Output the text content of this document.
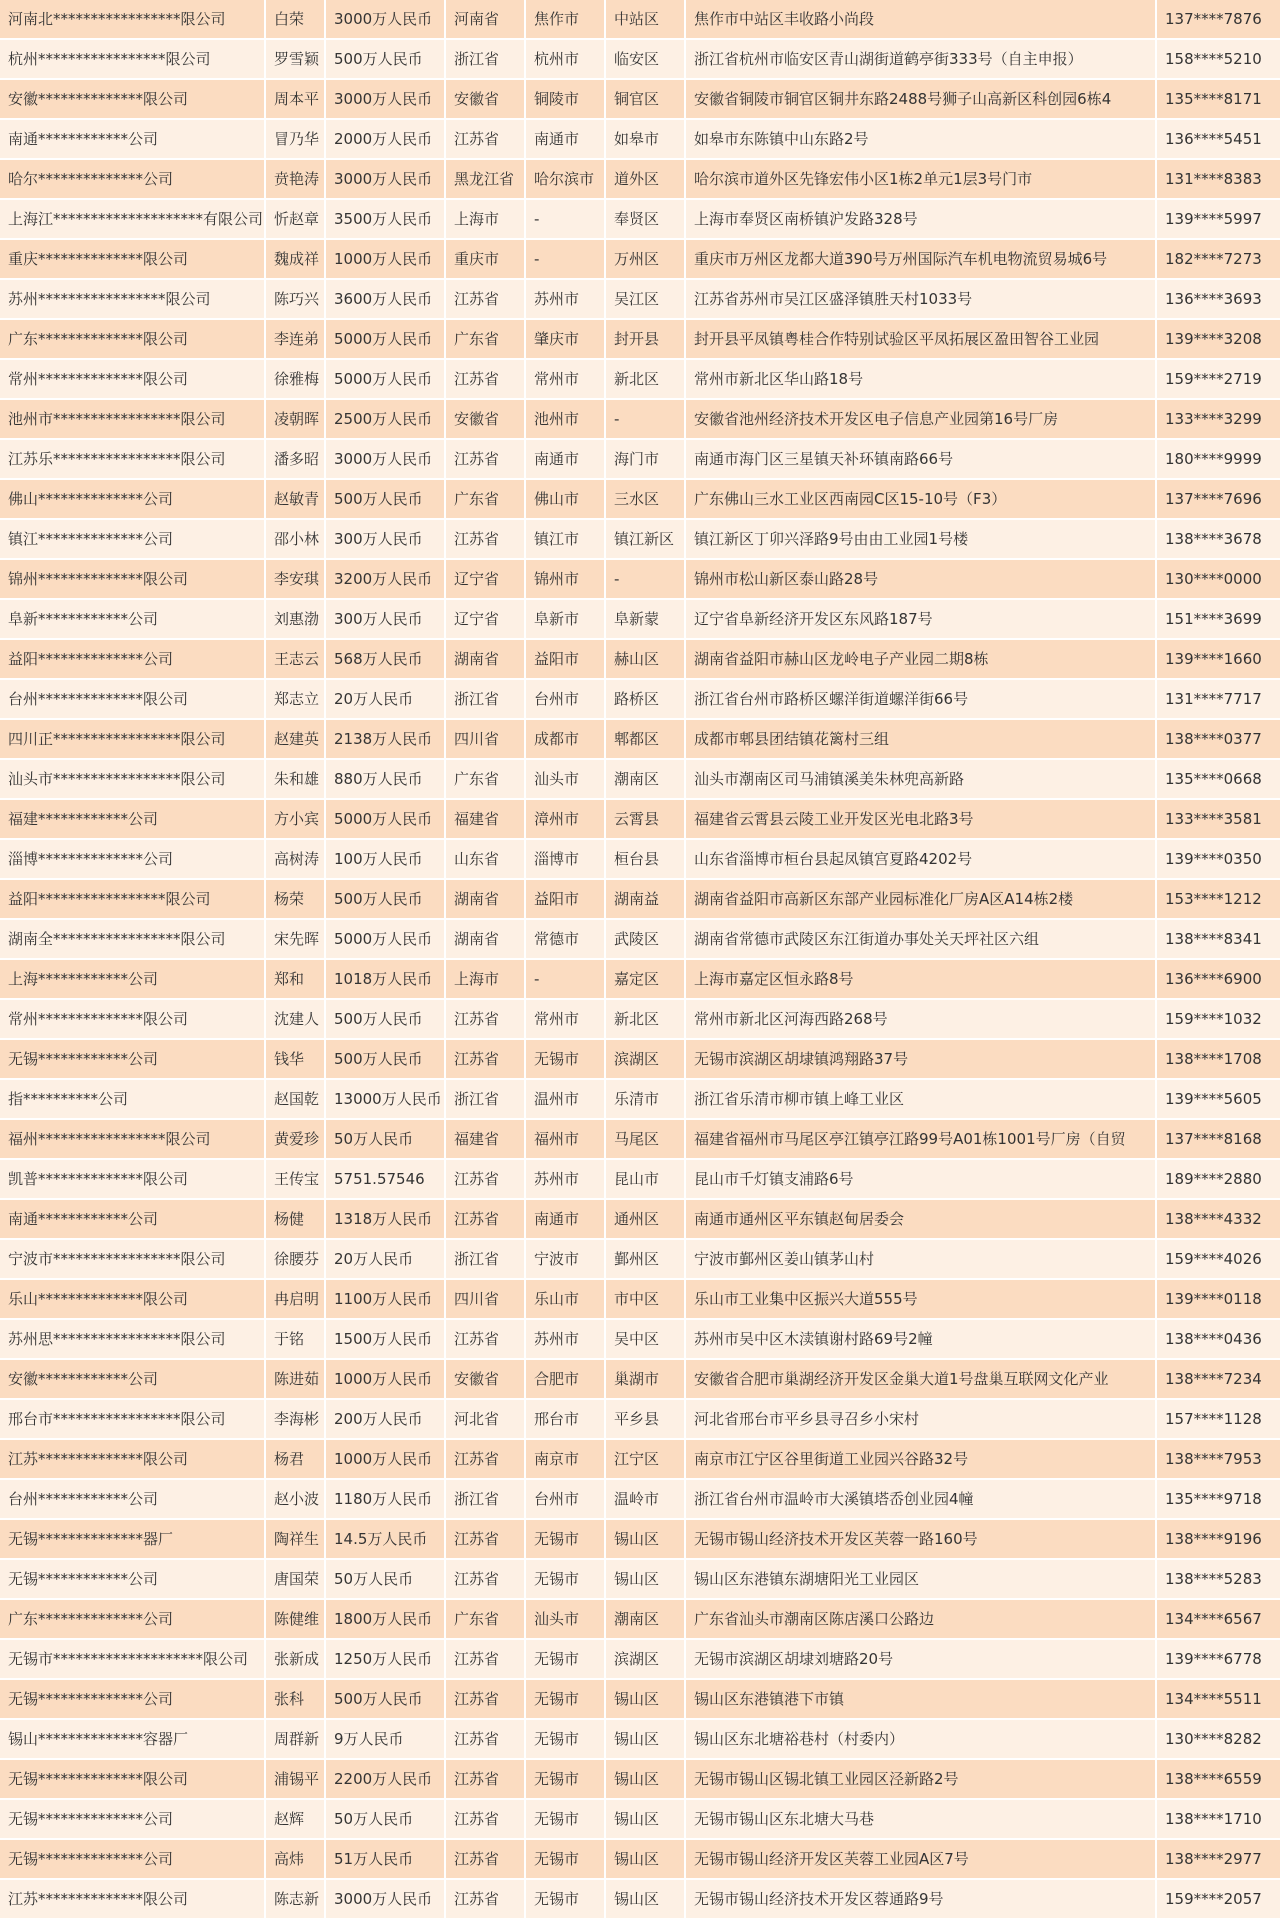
河南北*****************限公司	白荣	3000万人民币	河南省	焦作市	中站区	焦作市中站区丰收路小尚段	137****7876
杭州*****************限公司	罗雪颖	500万人民币	浙江省	杭州市	临安区	浙江省杭州市临安区青山湖街道鹤亭街333号（自主申报）	158****5210
安徽**************限公司	周本平	3000万人民币	安徽省	铜陵市	铜官区	安徽省铜陵市铜官区铜井东路2488号狮子山高新区科创园6栋4	135****8171
南通************公司	冒乃华	2000万人民币	江苏省	南通市	如皋市	如皋市东陈镇中山东路2号	136****5451
哈尔**************公司	贲艳涛	3000万人民币	黑龙江省	哈尔滨市	道外区	哈尔滨市道外区先锋宏伟小区1栋2单元1层3号门市	131****8383
上海江********************有限公司	忻赵章	3500万人民币	上海市	-	奉贤区	上海市奉贤区南桥镇沪发路328号	139****5997
重庆**************限公司	魏成祥	1000万人民币	重庆市	-	万州区	重庆市万州区龙都大道390号万州国际汽车机电物流贸易城6号	182****7273
苏州*****************限公司	陈巧兴	3600万人民币	江苏省	苏州市	吴江区	江苏省苏州市吴江区盛泽镇胜天村1033号	136****3693
广东**************限公司	李连弟	5000万人民币	广东省	肇庆市	封开县	封开县平凤镇粤桂合作特别试验区平凤拓展区盈田智谷工业园	139****3208
常州**************限公司	徐雅梅	5000万人民币	江苏省	常州市	新北区	常州市新北区华山路18号	159****2719
池州市*****************限公司	凌朝晖	2500万人民币	安徽省	池州市	-	安徽省池州经济技术开发区电子信息产业园第16号厂房	133****3299
江苏乐*****************限公司	潘多昭	3000万人民币	江苏省	南通市	海门市	南通市海门区三星镇天补环镇南路66号	180****9999
佛山**************公司	赵敏青	500万人民币	广东省	佛山市	三水区	广东佛山三水工业区西南园C区15-10号（F3）	137****7696
镇江**************公司	邵小林	300万人民币	江苏省	镇江市	镇江新区	镇江新区丁卯兴泽路9号由由工业园1号楼	138****3678
锦州**************限公司	李安琪	3200万人民币	辽宁省	锦州市	-	锦州市松山新区泰山路28号	130****0000
阜新************公司	刘惠渤	300万人民币	辽宁省	阜新市	阜新蒙	辽宁省阜新经济开发区东风路187号	151****3699
益阳**************公司	王志云	568万人民币	湖南省	益阳市	赫山区	湖南省益阳市赫山区龙岭电子产业园二期8栋	139****1660
台州**************限公司	郑志立	20万人民币	浙江省	台州市	路桥区	浙江省台州市路桥区螺洋街道螺洋街66号	131****7717
四川正*****************限公司	赵建英	2138万人民币	四川省	成都市	郫都区	成都市郫县团结镇花篱村三组	138****0377
汕头市*****************限公司	朱和雄	880万人民币	广东省	汕头市	潮南区	汕头市潮南区司马浦镇溪美朱林兜高新路	135****0668
福建************公司	方小宾	5000万人民币	福建省	漳州市	云霄县	福建省云霄县云陵工业开发区光电北路3号	133****3581
淄博**************公司	高树涛	100万人民币	山东省	淄博市	桓台县	山东省淄博市桓台县起凤镇宫夏路4202号	139****0350
益阳*****************限公司	杨荣	500万人民币	湖南省	益阳市	湖南益	湖南省益阳市高新区东部产业园标准化厂房A区A14栋2楼	153****1212
湖南全*****************限公司	宋先晖	5000万人民币	湖南省	常德市	武陵区	湖南省常德市武陵区东江街道办事处关天坪社区六组	138****8341
上海************公司	郑和	1018万人民币	上海市	-	嘉定区	上海市嘉定区恒永路8号	136****6900
常州**************限公司	沈建人	500万人民币	江苏省	常州市	新北区	常州市新北区河海西路268号	159****1032
无锡************公司	钱华	500万人民币	江苏省	无锡市	滨湖区	无锡市滨湖区胡埭镇鸿翔路37号	138****1708
指**********公司	赵国乾	13000万人民币	浙江省	温州市	乐清市	浙江省乐清市柳市镇上峰工业区	139****5605
福州*****************限公司	黄爱珍	50万人民币	福建省	福州市	马尾区	福建省福州市马尾区亭江镇亭江路99号A01栋1001号厂房（自贸	137****8168
凯普**************限公司	王传宝	5751.57546	江苏省	苏州市	昆山市	昆山市千灯镇支浦路6号	189****2880
南通************公司	杨健	1318万人民币	江苏省	南通市	通州区	南通市通州区平东镇赵甸居委会	138****4332
宁波市*****************限公司	徐腰芬	20万人民币	浙江省	宁波市	鄞州区	宁波市鄞州区姜山镇茅山村	159****4026
乐山**************限公司	冉启明	1100万人民币	四川省	乐山市	市中区	乐山市工业集中区振兴大道555号	139****0118
苏州思*****************限公司	于铭	1500万人民币	江苏省	苏州市	吴中区	苏州市吴中区木渎镇谢村路69号2幢	138****0436
安徽************公司	陈进茹	1000万人民币	安徽省	合肥市	巢湖市	安徽省合肥市巢湖经济开发区金巢大道1号盘巢互联网文化产业	138****7234
邢台市*****************限公司	李海彬	200万人民币	河北省	邢台市	平乡县	河北省邢台市平乡县寻召乡小宋村	157****1128
江苏**************限公司	杨君	1000万人民币	江苏省	南京市	江宁区	南京市江宁区谷里街道工业园兴谷路32号	138****7953
台州************公司	赵小波	1180万人民币	浙江省	台州市	温岭市	浙江省台州市温岭市大溪镇塔岙创业园4幢	135****9718
无锡**************器厂	陶祥生	14.5万人民币	江苏省	无锡市	锡山区	无锡市锡山经济技术开发区芙蓉一路160号	138****9196
无锡************公司	唐国荣	50万人民币	江苏省	无锡市	锡山区	锡山区东港镇东湖塘阳光工业园区	138****5283
广东**************公司	陈健维	1800万人民币	广东省	汕头市	潮南区	广东省汕头市潮南区陈店溪口公路边	134****6567
无锡市********************限公司	张新成	1250万人民币	江苏省	无锡市	滨湖区	无锡市滨湖区胡埭刘塘路20号	139****6778
无锡**************公司	张科	500万人民币	江苏省	无锡市	锡山区	锡山区东港镇港下市镇	134****5511
锡山**************容器厂	周群新	9万人民币	江苏省	无锡市	锡山区	锡山区东北塘裕巷村（村委内）	130****8282
无锡**************限公司	浦锡平	2200万人民币	江苏省	无锡市	锡山区	无锡市锡山区锡北镇工业园区泾新路2号	138****6559
无锡**************公司	赵辉	50万人民币	江苏省	无锡市	锡山区	无锡市锡山区东北塘大马巷	138****1710
无锡**************公司	高炜	51万人民币	江苏省	无锡市	锡山区	无锡市锡山经济开发区芙蓉工业园A区7号	138****2977
江苏**************限公司	陈志新	3000万人民币	江苏省	无锡市	锡山区	无锡市锡山经济技术开发区蓉通路9号	159****2057
